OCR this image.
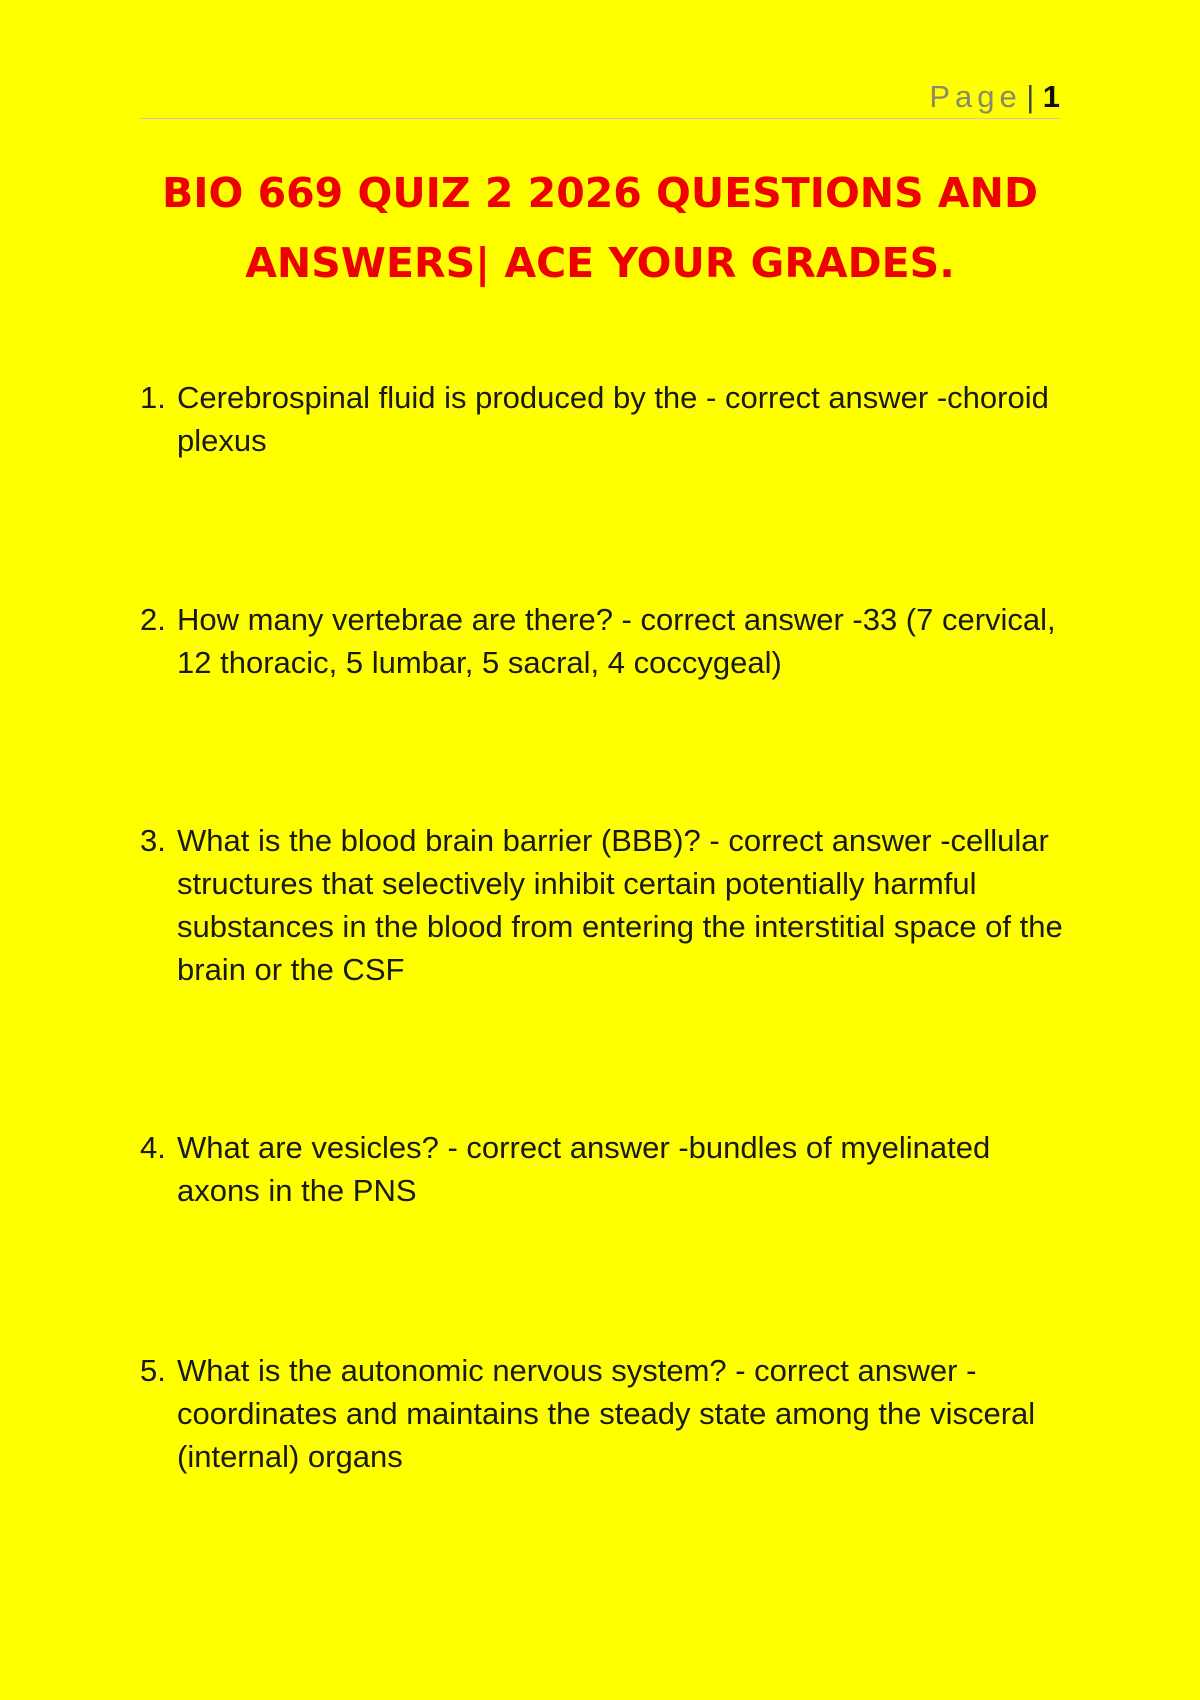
Page | 1
BIO 669 QUIZ 2 2026 QUESTIONS AND
ANSWERS| ACE YOUR GRADES.
1. Cerebrospinal fluid is produced by the - correct answer -choroid plexus
2. How many vertebrae are there? - correct answer -33 (7 cervical, 12 thoracic, 5 lumbar, 5 sacral, 4 coccygeal)
3. What is the blood brain barrier (BBB)? - correct answer -cellular structures that selectively inhibit certain potentially harmful substances in the blood from entering the interstitial space of the brain or the CSF
4. What are vesicles? - correct answer -bundles of myelinated axons in the PNS
5. What is the autonomic nervous system? - correct answer -coordinates and maintains the steady state among the visceral (internal) organs
